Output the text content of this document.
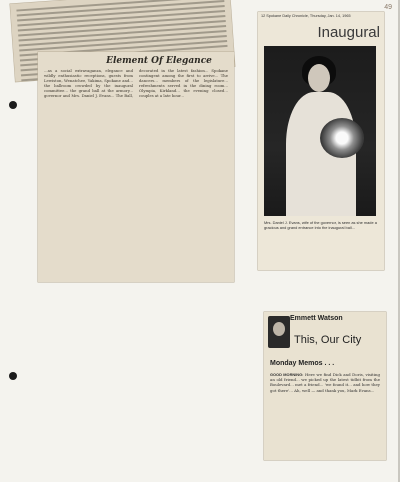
49
Element Of Elegance
...as a social extravaganza, elegance and wildly enthusiastic receptions, guests from Lewiston, Wenatchee, Yakima, Spokane and... the ballroom crowded by the inaugural committee... the grand ball at the armory... governor and Mrs. Daniel J. Evans... The Ball, decorated in the latest fashion... Spokane contingent among the first to arrive... The dancers... members of the legislature... refreshments served in the dining room... Olympia, Kirkland... the evening closed... couples at a late hour...
12 Spokane Daily Chronicle, Thursday, Jan. 14, 1965
Inaugural
Mrs. Daniel J. Evans, wife of the governor, is seen as she made a gracious and grand entrance into the inaugural ball...
Emmett Watson
This, Our City
Monday Memos . . .
GOOD MORNING: Here we find Dick and Doris, visiting an old friend... we picked up the latest tidbit from the Boulevard... met a friend... 'we found it... and how they got there'... Ah, well — and thank you, Mark Evans...
